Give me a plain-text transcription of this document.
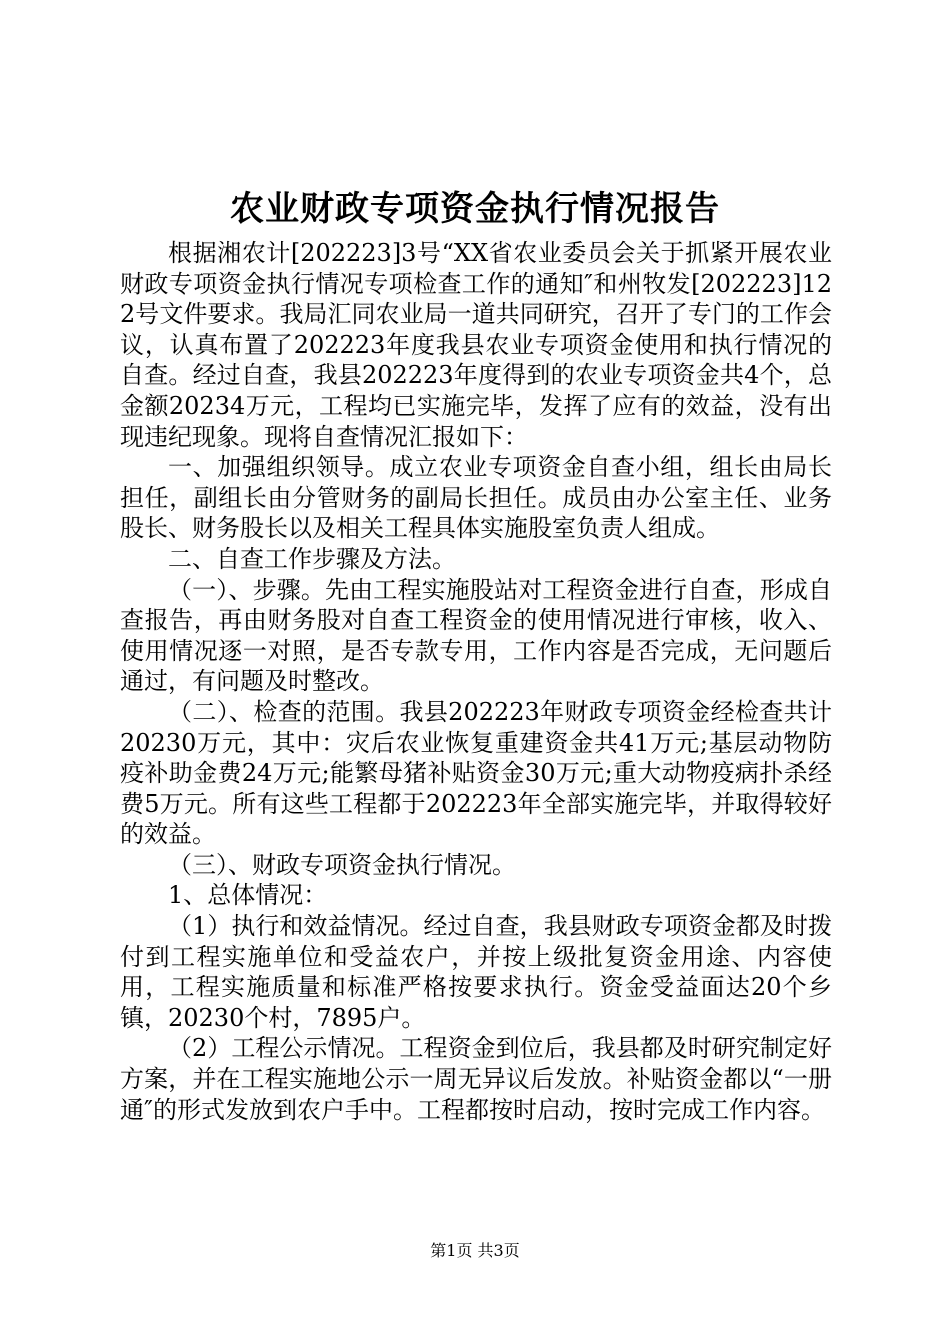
农业财政专项资金执行情况报告

根据湘农计[202223]3号“XX省农业委员会关于抓紧开展农业财政专项资金执行情况专项检查工作的通知″和州牧发[202223]122号文件要求。我局汇同农业局一道共同研究，召开了专门的工作会议，认真布置了202223年度我县农业专项资金使用和执行情况的自查。经过自查，我县202223年度得到的农业专项资金共4个，总金额20234万元，工程均已实施完毕，发挥了应有的效益，没有出现违纪现象。现将自查情况汇报如下：

一、加强组织领导。成立农业专项资金自查小组，组长由局长担任，副组长由分管财务的副局长担任。成员由办公室主任、业务股长、财务股长以及相关工程具体实施股室负责人组成。

二、自查工作步骤及方法。

（一）、步骤。先由工程实施股站对工程资金进行自查，形成自查报告，再由财务股对自查工程资金的使用情况进行审核，收入、使用情况逐一对照，是否专款专用，工作内容是否完成，无问题后通过，有问题及时整改。

（二）、检查的范围。我县202223年财政专项资金经检查共计20230万元，其中：灾后农业恢复重建资金共41万元;基层动物防疫补助金费24万元;能繁母猪补贴资金30万元;重大动物疫病扑杀经费5万元。所有这些工程都于202223年全部实施完毕，并取得较好的效益。

（三）、财政专项资金执行情况。

1、总体情况：

（1）执行和效益情况。经过自查，我县财政专项资金都及时拨付到工程实施单位和受益农户，并按上级批复资金用途、内容使用，工程实施质量和标准严格按要求执行。资金受益面达20个乡镇，20230个村，7895户。

（2）工程公示情况。工程资金到位后，我县都及时研究制定好方案，并在工程实施地公示一周无异议后发放。补贴资金都以“一册通″的形式发放到农户手中。工程都按时启动，按时完成工作内容。

第1页 共3页
